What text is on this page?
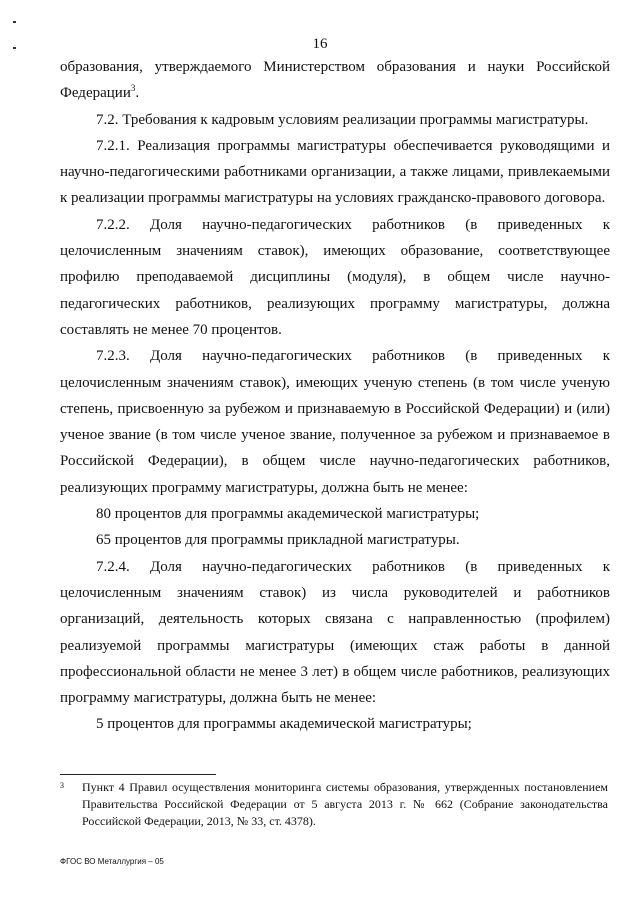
16

образования, утверждаемого Министерством образования и науки Российской Федерации$^3$.

7.2. Требования к кадровым условиям реализации программы магистратуры.

7.2.1. Реализация программы магистратуры обеспечивается руководящими и научно-педагогическими работниками организации, а также лицами, привлекаемыми к реализации программы магистратуры на условиях гражданско-правового договора.

7.2.2. Доля научно-педагогических работников (в приведенных к целочисленным значениям ставок), имеющих образование, соответствующее профилю преподаваемой дисциплины (модуля), в общем числе научно-педагогических работников, реализующих программу магистратуры, должна составлять не менее 70 процентов.

7.2.3. Доля научно-педагогических работников (в приведенных к целочисленным значениям ставок), имеющих ученую степень (в том числе ученую степень, присвоенную за рубежом и признаваемую в Российской Федерации) и (или) ученое звание (в том числе ученое звание, полученное за рубежом и признаваемое в Российской Федерации), в общем числе научно-педагогических работников, реализующих программу магистратуры, должна быть не менее:

80 процентов для программы академической магистратуры;

65 процентов для программы прикладной магистратуры.

7.2.4. Доля научно-педагогических работников (в приведенных к целочисленным значениям ставок) из числа руководителей и работников организаций, деятельность которых связана с направленностью (профилем) реализуемой программы магистратуры (имеющих стаж работы в данной профессиональной области не менее 3 лет) в общем числе работников, реализующих программу магистратуры, должна быть не менее:

5 процентов для программы академической магистратуры;

3 Пункт 4 Правил осуществления мониторинга системы образования, утвержденных постановлением Правительства Российской Федерации от 5 августа 2013 г. № 662 (Собрание законодательства Российской Федерации, 2013, № 33, ст. 4378).
ФГОС ВО Металлургия – 05
